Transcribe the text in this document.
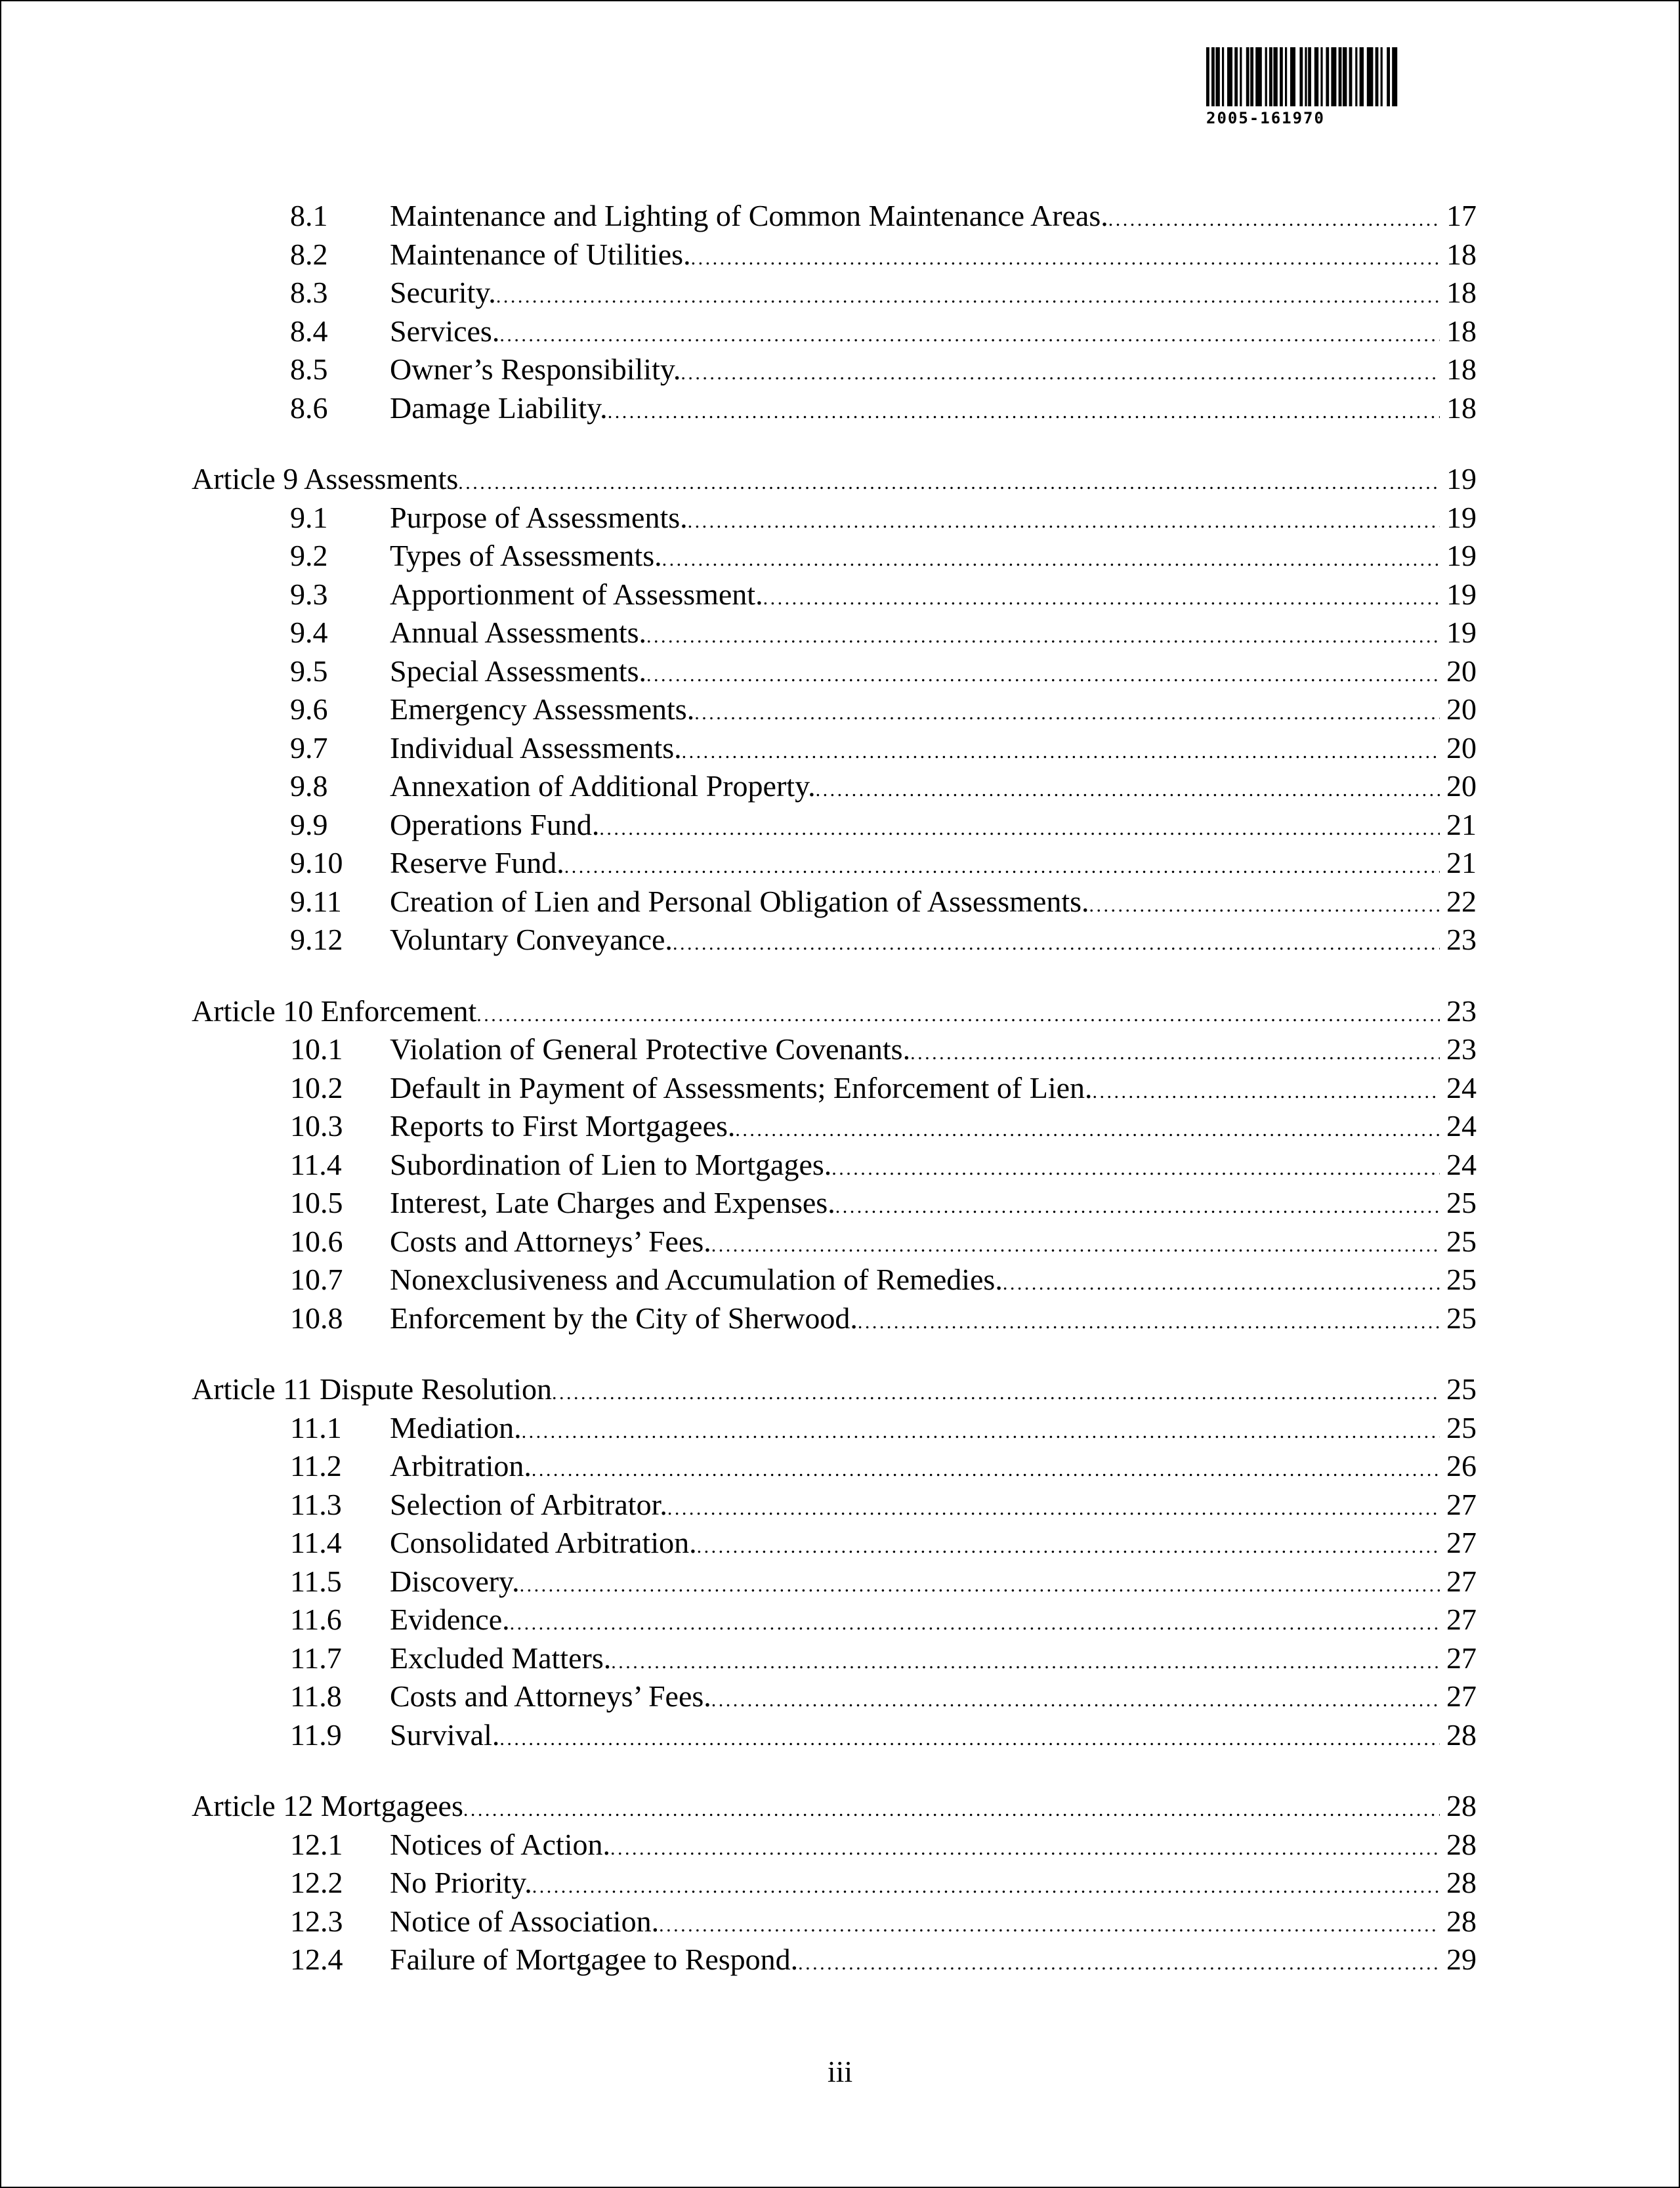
2005-161970
8.1 Maintenance and Lighting of Common Maintenance Areas. . . .	17
8.2 Maintenance of Utilities. . . .	18
8.3 Security. . . .	18
8.4 Services. . . .	18
8.5 Owner’s Responsibility. . . .	18
8.6 Damage Liability. . . .	18
Article 9 Assessments . . .	19
9.1 Purpose of Assessments. . . .	19
9.2 Types of Assessments. . . .	19
9.3 Apportionment of Assessment. . . .	19
9.4 Annual Assessments. . . .	19
9.5 Special Assessments. . . .	20
9.6 Emergency Assessments. . . .	20
9.7 Individual Assessments. . . .	20
9.8 Annexation of Additional Property. . . .	20
9.9 Operations Fund. . . .	21
9.10 Reserve Fund. . . .	21
9.11 Creation of Lien and Personal Obligation of Assessments. . . .	22
9.12 Voluntary Conveyance. . . .	23
Article 10 Enforcement . . .	23
10.1 Violation of General Protective Covenants. . . .	23
10.2 Default in Payment of Assessments; Enforcement of Lien. . . .	24
10.3 Reports to First Mortgagees. . . .	24
11.4 Subordination of Lien to Mortgages. . . .	24
10.5 Interest, Late Charges and Expenses. . . .	25
10.6 Costs and Attorneys’ Fees. . . .	25
10.7 Nonexclusiveness and Accumulation of Remedies. . . .	25
10.8 Enforcement by the City of Sherwood. . . .	25
Article 11 Dispute Resolution . . .	25
11.1 Mediation. . . .	25
11.2 Arbitration. . . .	26
11.3 Selection of Arbitrator. . . .	27
11.4 Consolidated Arbitration. . . .	27
11.5 Discovery. . . .	27
11.6 Evidence. . . .	27
11.7 Excluded Matters. . . .	27
11.8 Costs and Attorneys’ Fees. . . .	27
11.9 Survival. . . .	28
Article 12 Mortgagees . . .	28
12.1 Notices of Action. . . .	28
12.2 No Priority. . . .	28
12.3 Notice of Association. . . .	28
12.4 Failure of Mortgagee to Respond. . . .	29
iii
